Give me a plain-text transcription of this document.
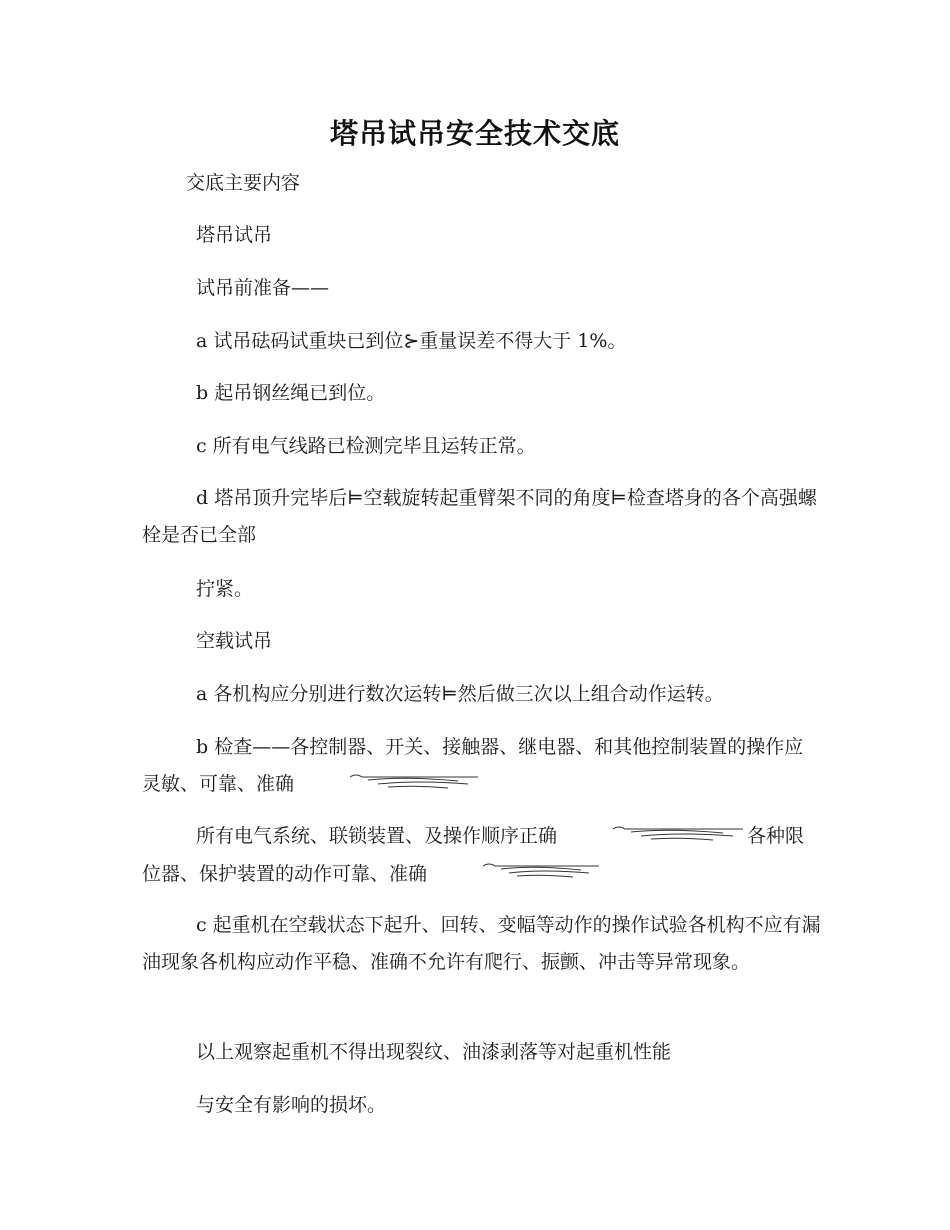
塔吊试吊安全技术交底

交底主要内容

塔吊试吊

试吊前准备——

a 试吊砝码试重块已到位⊱重量误差不得大于 1%。

b 起吊钢丝绳已到位。

c 所有电气线路已检测完毕且运转正常。

d 塔吊顶升完毕后⊨空载旋转起重臂架不同的角度⊨检查塔身的各个高强螺栓是否已全部

拧紧。

空载试吊

a 各机构应分别进行数次运转⊨然后做三次以上组合动作运转。

b 检查——各控制器、开关、接触器、继电器、和其他控制装置的操作应灵敏、可靠、准确

所有电气系统、联锁装置、及操作顺序正确	各种限位器、保护装置的动作可靠、准确

c 起重机在空载状态下起升、回转、变幅等动作的操作试验各机构不应有漏油现象各机构应动作平稳、准确不允许有爬行、振颤、冲击等异常现象。

以上观察起重机不得出现裂纹、油漆剥落等对起重机性能

与安全有影响的损坏。
